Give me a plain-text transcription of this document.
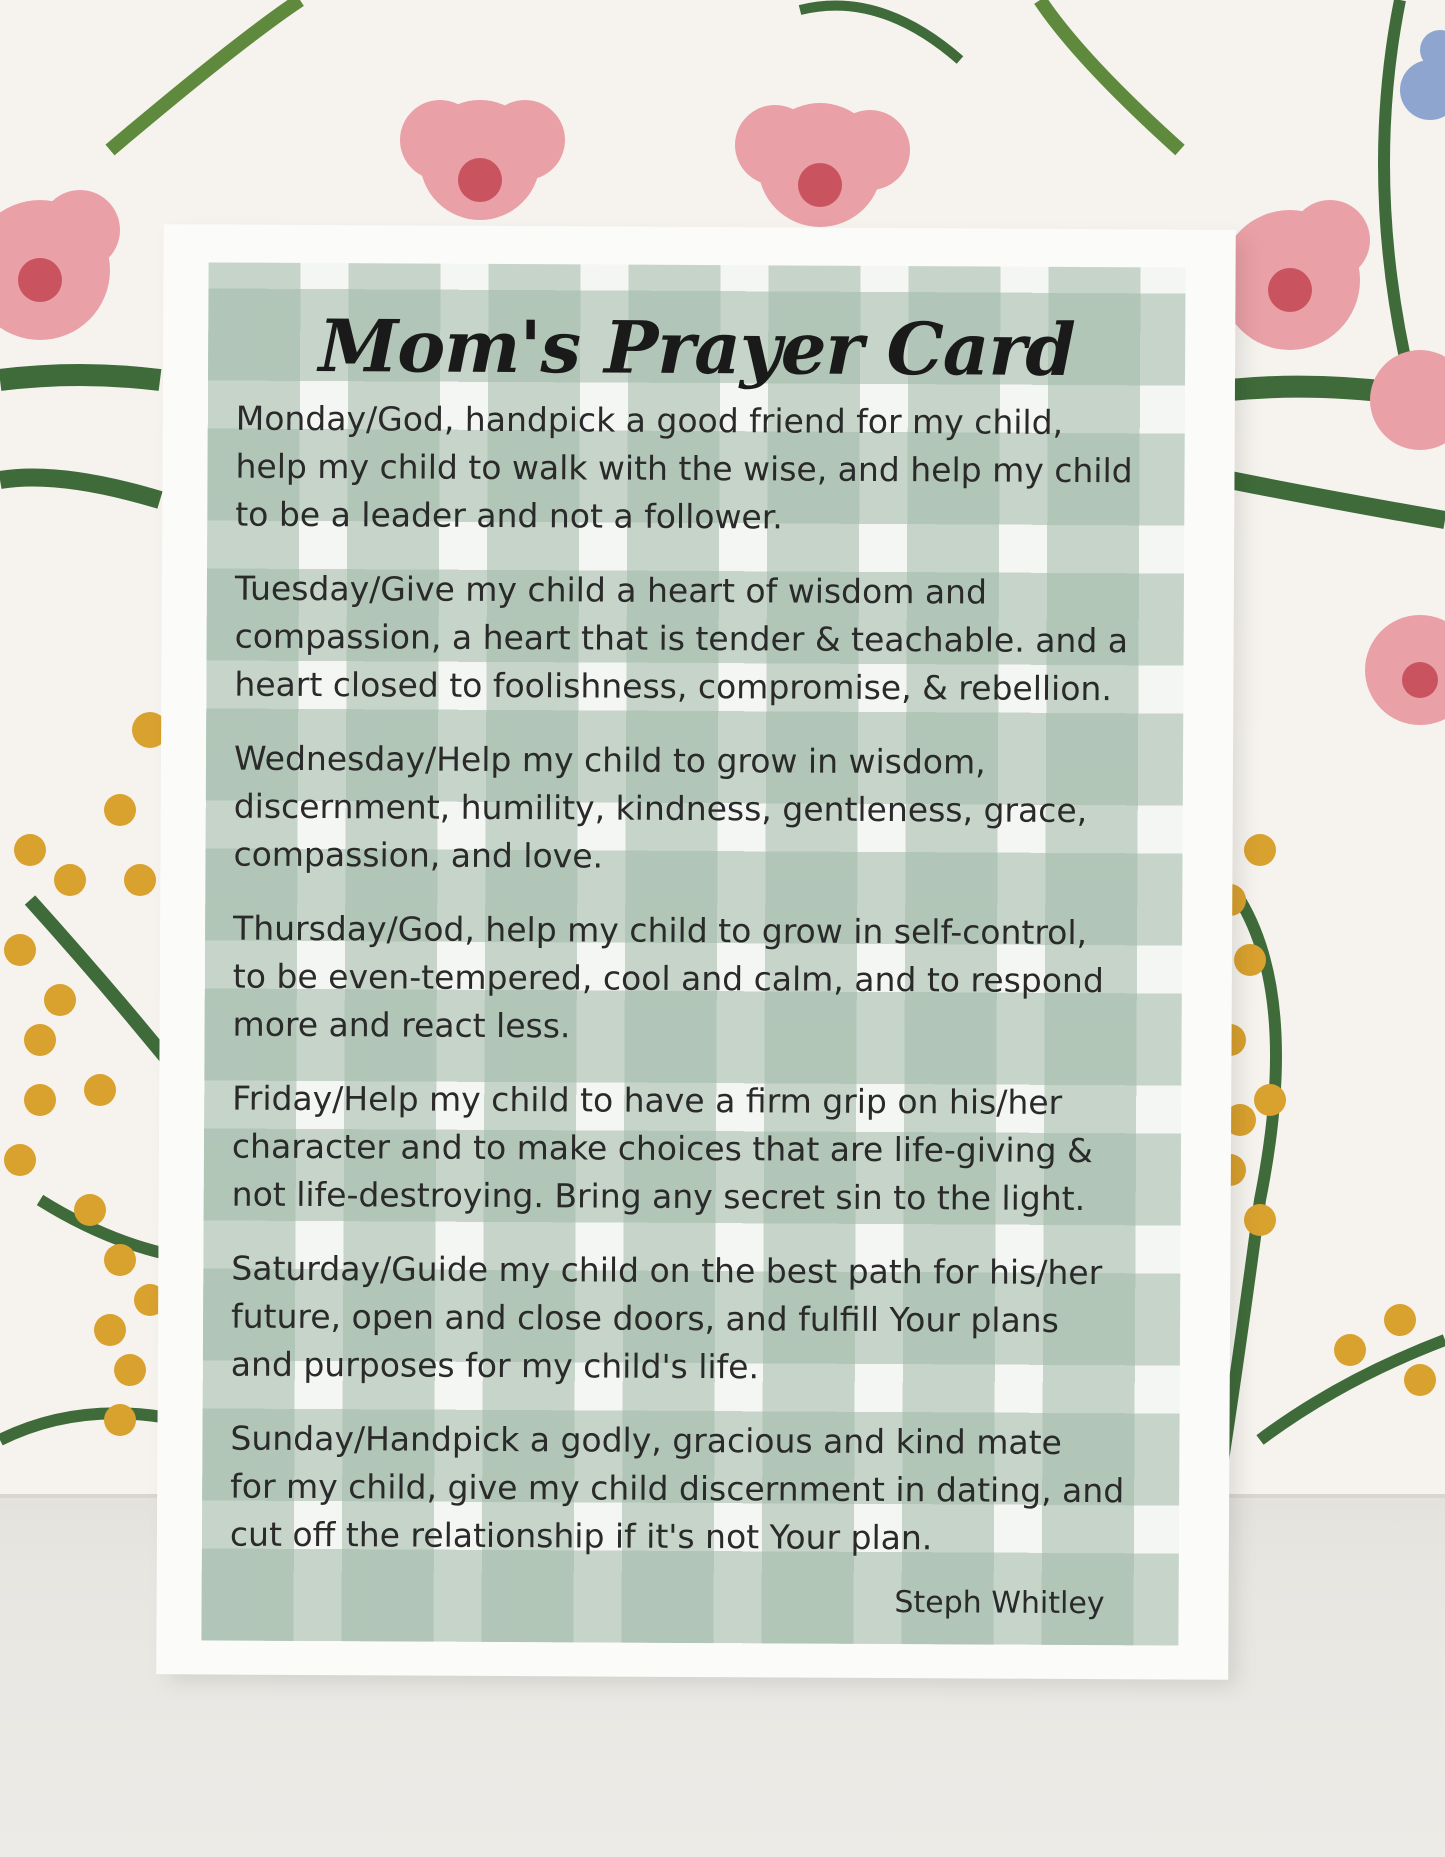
Mom's Prayer Card

Monday/God, handpick a good friend for my child,
help my child to walk with the wise, and help my child
to be a leader and not a follower.

Tuesday/Give my child a heart of wisdom and
compassion, a heart that is tender & teachable. and a
heart closed to foolishness, compromise, & rebellion.

Wednesday/Help my child to grow in wisdom,
discernment, humility, kindness, gentleness, grace,
compassion, and love.

Thursday/God, help my child to grow in self-control,
to be even-tempered, cool and calm, and to respond
more and react less.

Friday/Help my child to have a firm grip on his/her
character and to make choices that are life-giving &
not life-destroying. Bring any secret sin to the light.

Saturday/Guide my child on the best path for his/her
future, open and close doors, and fulfill Your plans
and purposes for my child's life.

Sunday/Handpick a godly, gracious and kind mate
for my child, give my child discernment in dating, and
cut off the relationship if it's not Your plan.

Steph Whitley
